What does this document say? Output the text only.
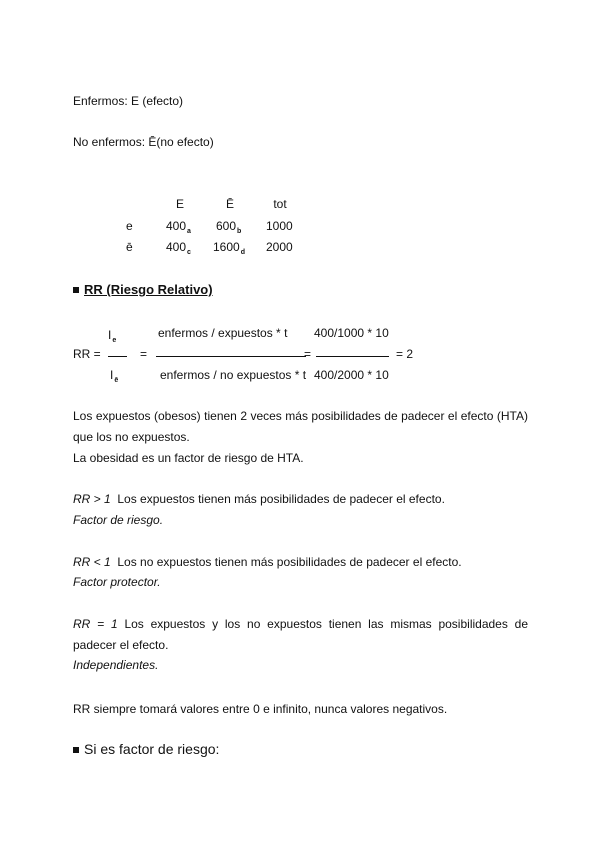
Enfermos: E (efecto)
No enfermos: Ē(no efecto)
E	Ē	tot
e	$400_a$ $600_b$ 1000
ē	$400_c$ $1600_d$ 2000
RR (Riesgo Relativo)
$I_e$
enfermos / expuestos * t 400/1000 * 10
RR =	=	=	= 2
$I_ē$	enfermos / no expuestos * t 400/2000 * 10
Los expuestos (obesos) tienen 2 veces más posibilidades de padecer el efecto (HTA) que los no expuestos.
La obesidad es un factor de riesgo de HTA.
RR > 1 Los expuestos tienen más posibilidades de padecer el efecto.
Factor de riesgo.
RR < 1 Los no expuestos tienen más posibilidades de padecer el efecto.
Factor protector.
RR = 1 Los expuestos y los no expuestos tienen las mismas posibilidades de padecer el efecto.
Independientes.
RR siempre tomará valores entre 0 e infinito, nunca valores negativos.
Si es factor de riesgo:
